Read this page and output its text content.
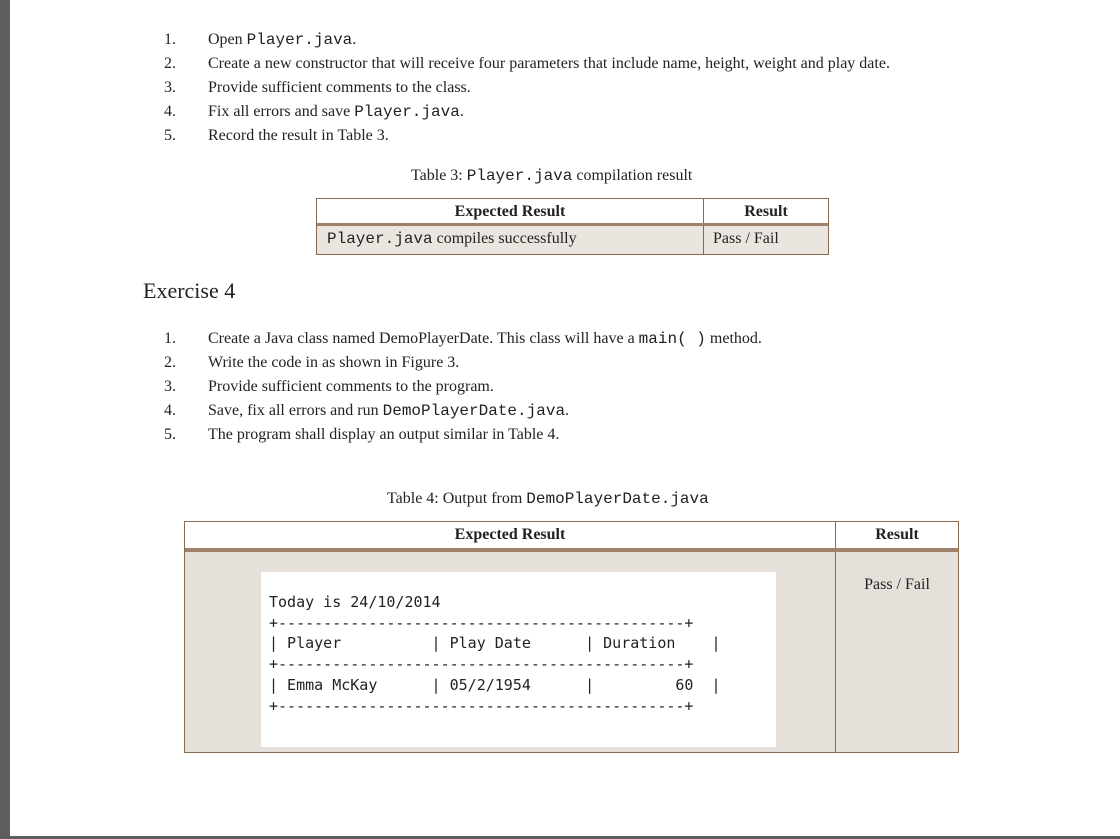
1. Open Player.java.
2. Create a new constructor that will receive four parameters that include name, height, weight and play date.
3. Provide sufficient comments to the class.
4. Fix all errors and save Player.java.
5. Record the result in Table 3.
Table 3: Player.java compilation result
Expected Result	Result
Player.java compiles successfully	Pass / Fail
Exercise 4
1. Create a Java class named DemoPlayerDate. This class will have a main( ) method.
2. Write the code in as shown in Figure 3.
3. Provide sufficient comments to the program.
4. Save, fix all errors and run DemoPlayerDate.java.
5. The program shall display an output similar in Table 4.
Table 4: Output from DemoPlayerDate.java
Expected Result	Result
Today is 24/10/2014
+---------------------------------------------+
| Player          | Play Date      | Duration    |
+---------------------------------------------+
| Emma McKay      | 05/2/1954      |         60  |
+---------------------------------------------+
Pass / Fail
